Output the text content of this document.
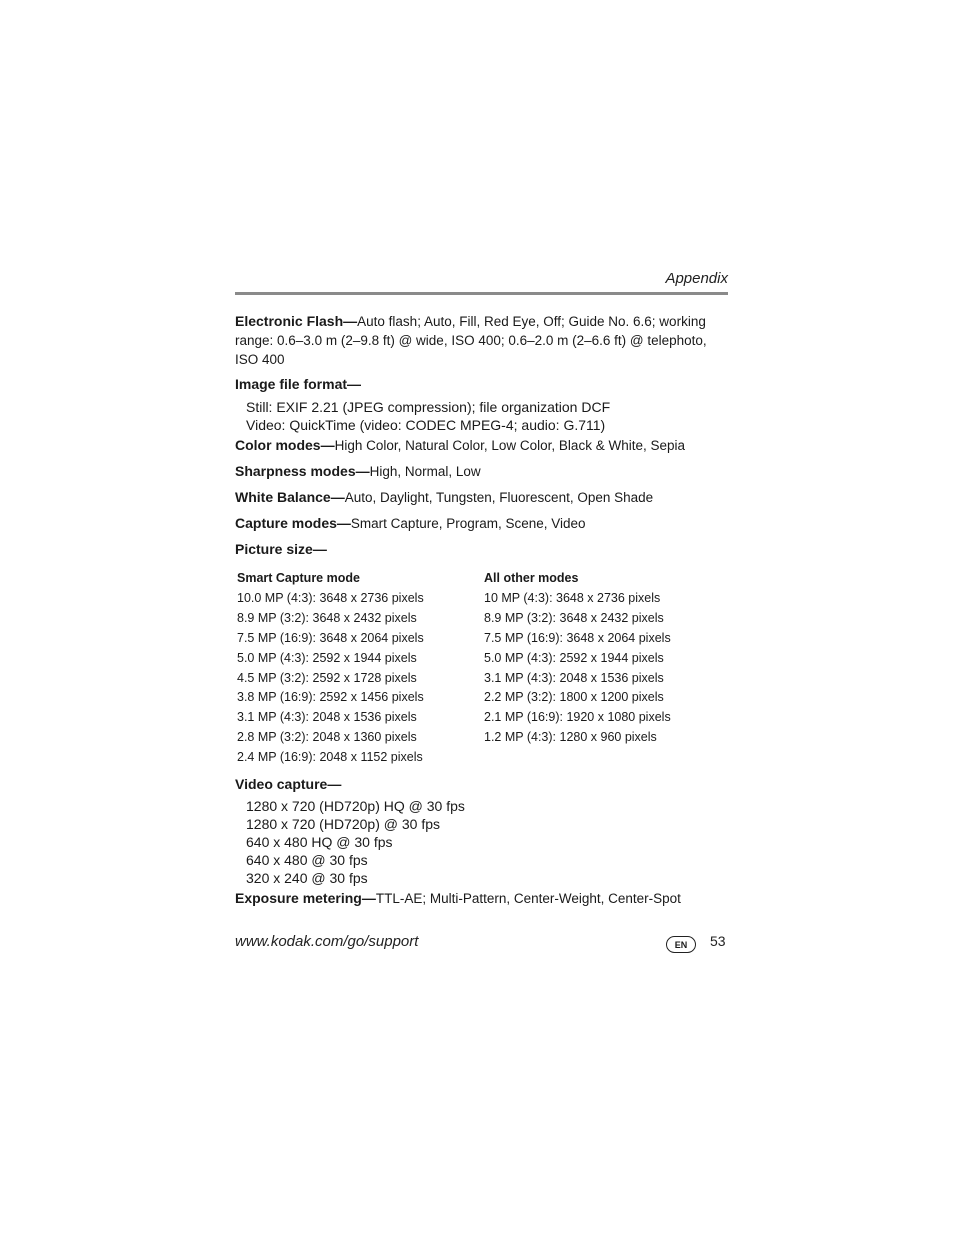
Appendix

Electronic Flash—Auto flash; Auto, Fill, Red Eye, Off; Guide No. 6.6; working range: 0.6–3.0 m (2–9.8 ft) @ wide, ISO 400; 0.6–2.0 m (2–6.6 ft) @ telephoto, ISO 400

Image file format—

Still: EXIF 2.21 (JPEG compression); file organization DCF

Video: QuickTime (video: CODEC MPEG-4; audio: G.711)

Color modes—High Color, Natural Color, Low Color, Black & White, Sepia

Sharpness modes—High, Normal, Low

White Balance—Auto, Daylight, Tungsten, Fluorescent, Open Shade

Capture modes—Smart Capture, Program, Scene, Video

Picture size—

Smart Capture mode	All other modes
10.0 MP (4:3): 3648 x 2736 pixels	10 MP (4:3): 3648 x 2736 pixels
8.9 MP (3:2): 3648 x 2432 pixels	8.9 MP (3:2): 3648 x 2432 pixels
7.5 MP (16:9): 3648 x 2064 pixels	7.5 MP (16:9): 3648 x 2064 pixels
5.0 MP (4:3): 2592 x 1944 pixels	5.0 MP (4:3): 2592 x 1944 pixels
4.5 MP (3:2): 2592 x 1728 pixels	3.1 MP (4:3): 2048 x 1536 pixels
3.8 MP (16:9): 2592 x 1456 pixels	2.2 MP (3:2): 1800 x 1200 pixels
3.1 MP (4:3): 2048 x 1536 pixels	2.1 MP (16:9): 1920 x 1080 pixels
2.8 MP (3:2): 2048 x 1360 pixels	1.2 MP (4:3): 1280 x 960 pixels
2.4 MP (16:9): 2048 x 1152 pixels	

Video capture—

1280 x 720 (HD720p) HQ @ 30 fps

1280 x 720 (HD720p) @ 30 fps

640 x 480 HQ @ 30 fps

640 x 480 @ 30 fps

320 x 240 @ 30 fps

Exposure metering—TTL-AE; Multi-Pattern, Center-Weight, Center-Spot

www.kodak.com/go/support	EN	53
